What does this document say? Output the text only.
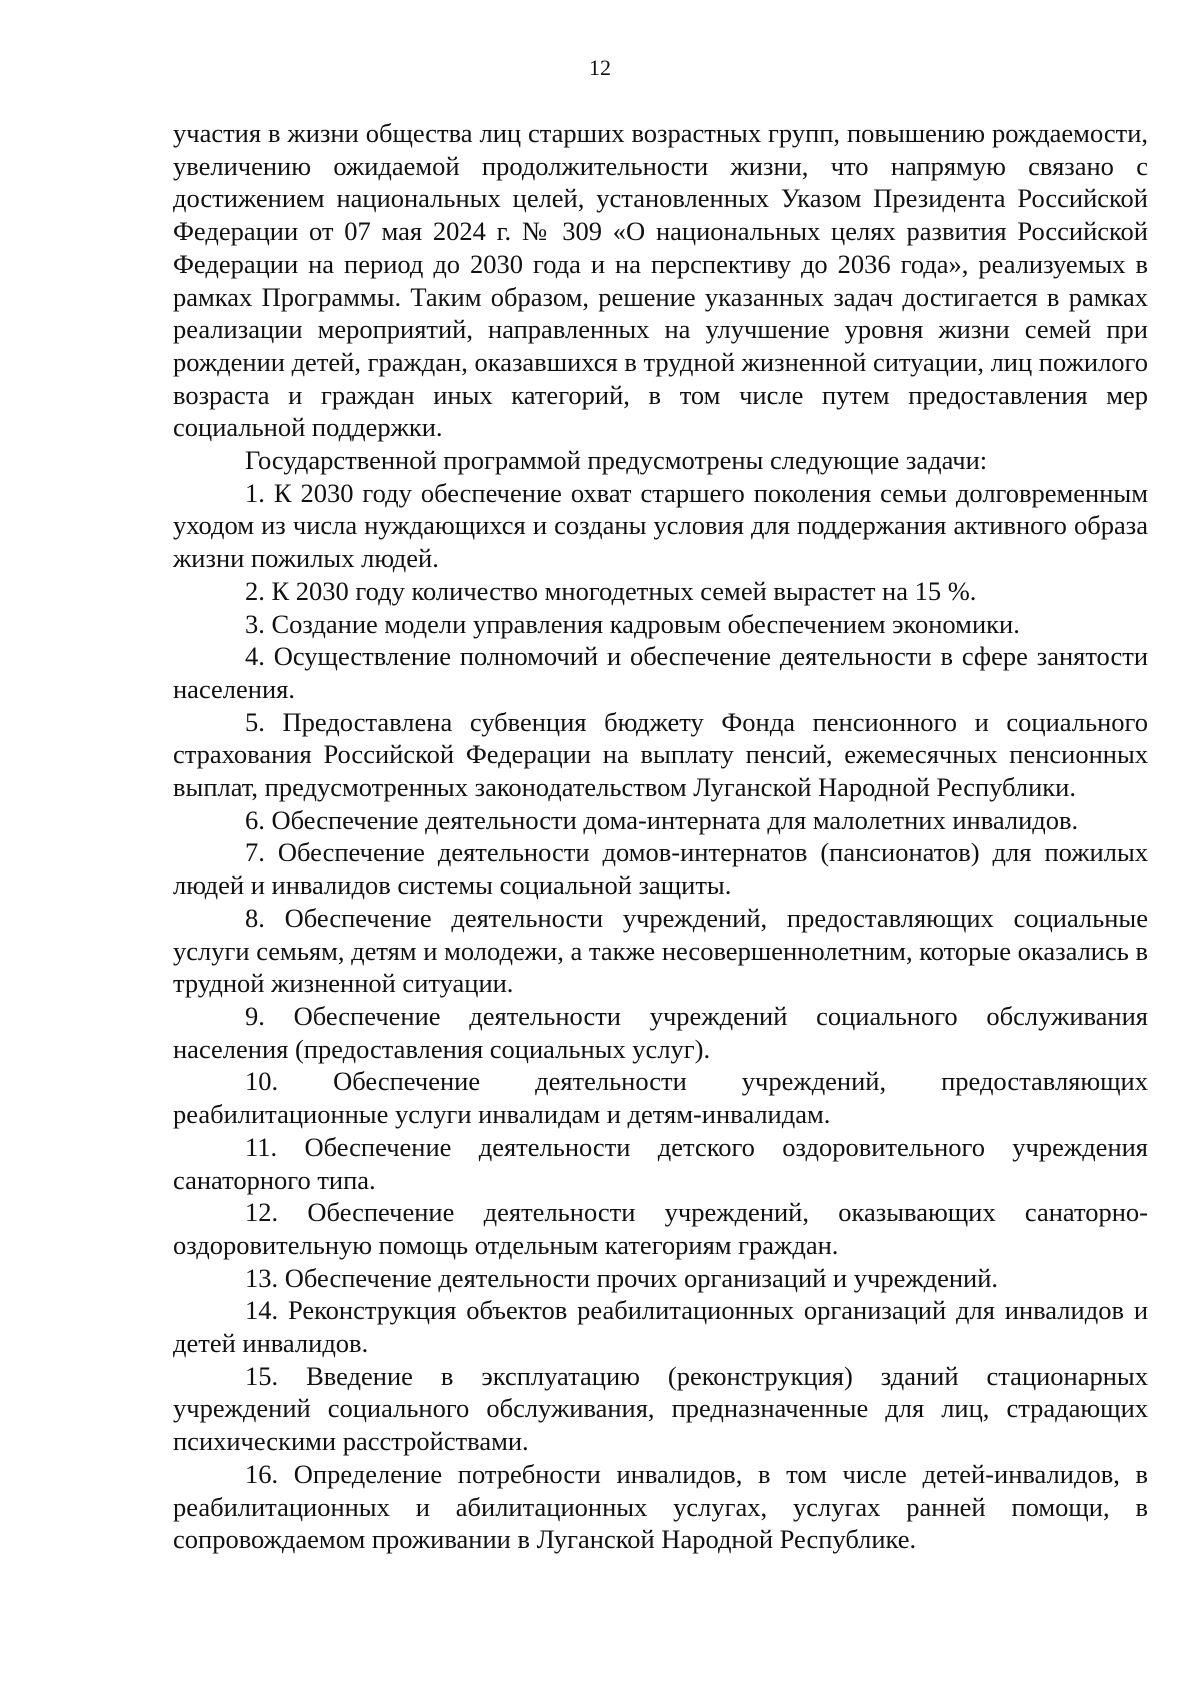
12

участия в жизни общества лиц старших возрастных групп, повышению рождаемости, увеличению ожидаемой продолжительности жизни, что напрямую связано с достижением национальных целей, установленных Указом Президента Российской Федерации от 07 мая 2024 г. № 309 «О национальных целях развития Российской Федерации на период до 2030 года и на перспективу до 2036 года», реализуемых в рамках Программы. Таким образом, решение указанных задач достигается в рамках реализации мероприятий, направленных на улучшение уровня жизни семей при рождении детей, граждан, оказавшихся в трудной жизненной ситуации, лиц пожилого возраста и граждан иных категорий, в том числе путем предоставления мер социальной поддержки.

Государственной программой предусмотрены следующие задачи:

1. К 2030 году обеспечение охват старшего поколения семьи долговременным уходом из числа нуждающихся и созданы условия для поддержания активного образа жизни пожилых людей.

2. К 2030 году количество многодетных семей вырастет на 15 %.

3. Создание модели управления кадровым обеспечением экономики.

4. Осуществление полномочий и обеспечение деятельности в сфере занятости населения.

5. Предоставлена субвенция бюджету Фонда пенсионного и социального страхования Российской Федерации на выплату пенсий, ежемесячных пенсионных выплат, предусмотренных законодательством Луганской Народной Республики.

6. Обеспечение деятельности дома-интерната для малолетних инвалидов.

7. Обеспечение деятельности домов-интернатов (пансионатов) для пожилых людей и инвалидов системы социальной защиты.

8. Обеспечение деятельности учреждений, предоставляющих социальные услуги семьям, детям и молодежи, а также несовершеннолетним, которые оказались в трудной жизненной ситуации.

9. Обеспечение деятельности учреждений социального обслуживания населения (предоставления социальных услуг).

10. Обеспечение деятельности учреждений, предоставляющих реабилитационные услуги инвалидам и детям-инвалидам.

11. Обеспечение деятельности детского оздоровительного учреждения санаторного типа.

12. Обеспечение деятельности учреждений, оказывающих санаторно-оздоровительную помощь отдельным категориям граждан.

13. Обеспечение деятельности прочих организаций и учреждений.

14. Реконструкция объектов реабилитационных организаций для инвалидов и детей инвалидов.

15. Введение в эксплуатацию (реконструкция) зданий стационарных учреждений социального обслуживания, предназначенные для лиц, страдающих психическими расстройствами.

16. Определение потребности инвалидов, в том числе детей-инвалидов, в реабилитационных и абилитационных услугах, услугах ранней помощи, в сопровождаемом проживании в Луганской Народной Республике.
